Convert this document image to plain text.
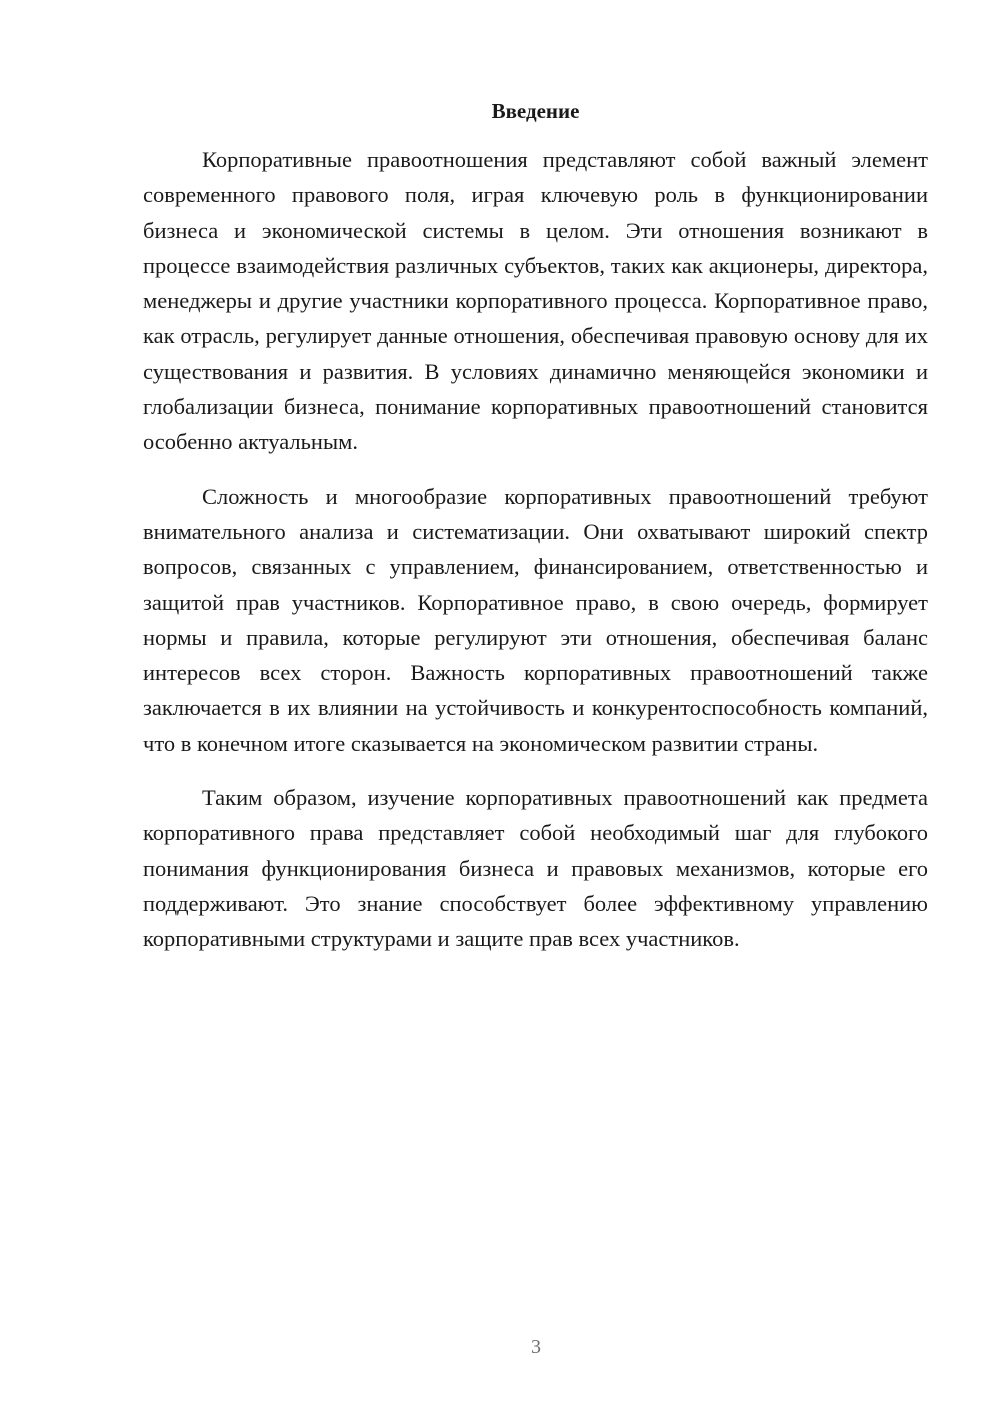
Введение

Корпоративные правоотношения представляют собой важный элемент современного правового поля, играя ключевую роль в функционировании бизнеса и экономической системы в целом. Эти отношения возникают в процессе взаимодействия различных субъектов, таких как акционеры, директора, менеджеры и другие участники корпоративного процесса. Корпоративное право, как отрасль, регулирует данные отношения, обеспечивая правовую основу для их существования и развития. В условиях динамично меняющейся экономики и глобализации бизнеса, понимание корпоративных правоотношений становится особенно актуальным.

Сложность и многообразие корпоративных правоотношений требуют внимательного анализа и систематизации. Они охватывают широкий спектр вопросов, связанных с управлением, финансированием, ответственностью и защитой прав участников. Корпоративное право, в свою очередь, формирует нормы и правила, которые регулируют эти отношения, обеспечивая баланс интересов всех сторон. Важность корпоративных правоотношений также заключается в их влиянии на устойчивость и конкурентоспособность компаний, что в конечном итоге сказывается на экономическом развитии страны.

Таким образом, изучение корпоративных правоотношений как предмета корпоративного права представляет собой необходимый шаг для глубокого понимания функционирования бизнеса и правовых механизмов, которые его поддерживают. Это знание способствует более эффективному управлению корпоративными структурами и защите прав всех участников.

3
